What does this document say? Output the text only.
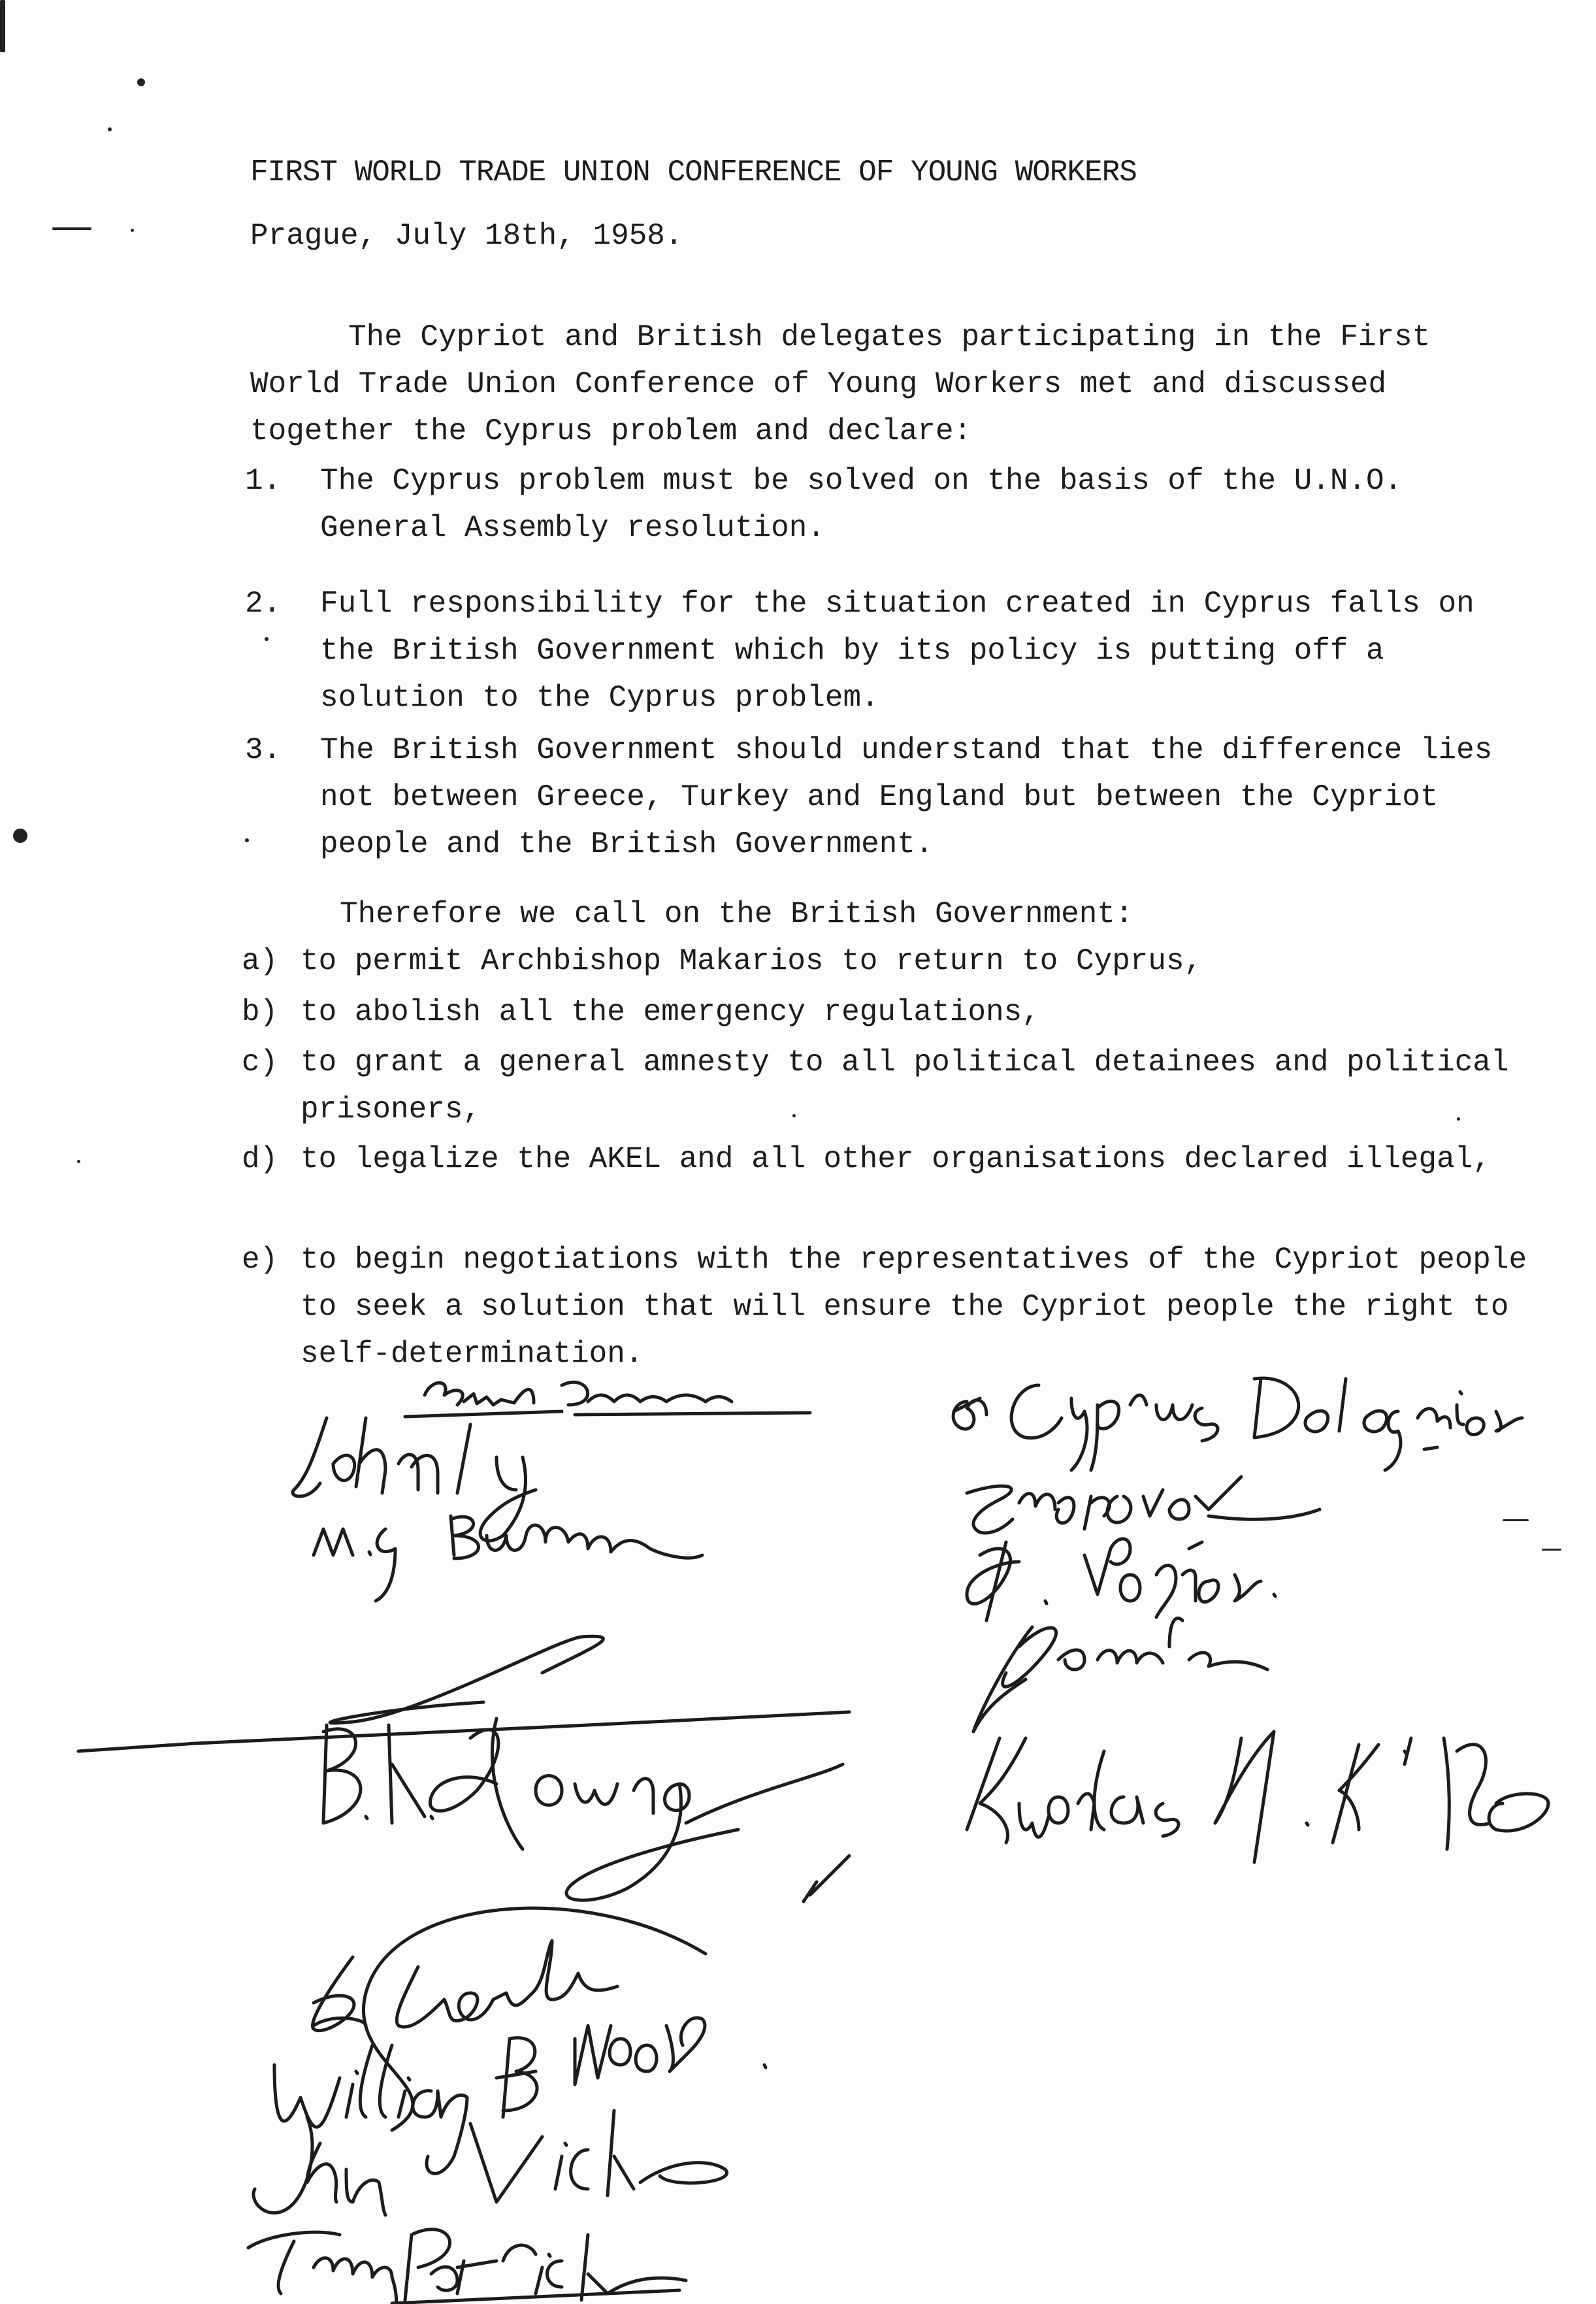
FIRST WORLD TRADE UNION CONFERENCE OF YOUNG WORKERS
Prague, July 18th, 1958.
The Cypriot and British delegates participating in the First World Trade Union Conference of Young Workers met and discussed together the Cyprus problem and declare:
1. The Cyprus problem must be solved on the basis of the U.N.O. General Assembly resolution.
2. Full responsibility for the situation created in Cyprus falls on the British Government which by its policy is putting off a solution to the Cyprus problem.
3. The British Government should understand that the difference lies not between Greece, Turkey and England but between the Cypriot people and the British Government.
Therefore we call on the British Government:
a) to permit Archbishop Makarios to return to Cyprus,
b) to abolish all the emergency regulations,
c) to grant a general amnesty to all political detainees and political prisoners,
d) to legalize the AKEL and all other organisations declared illegal,
e) to begin negotiations with the representatives of the Cypriot people to seek a solution that will ensure the Cypriot people the right to self-determination.
